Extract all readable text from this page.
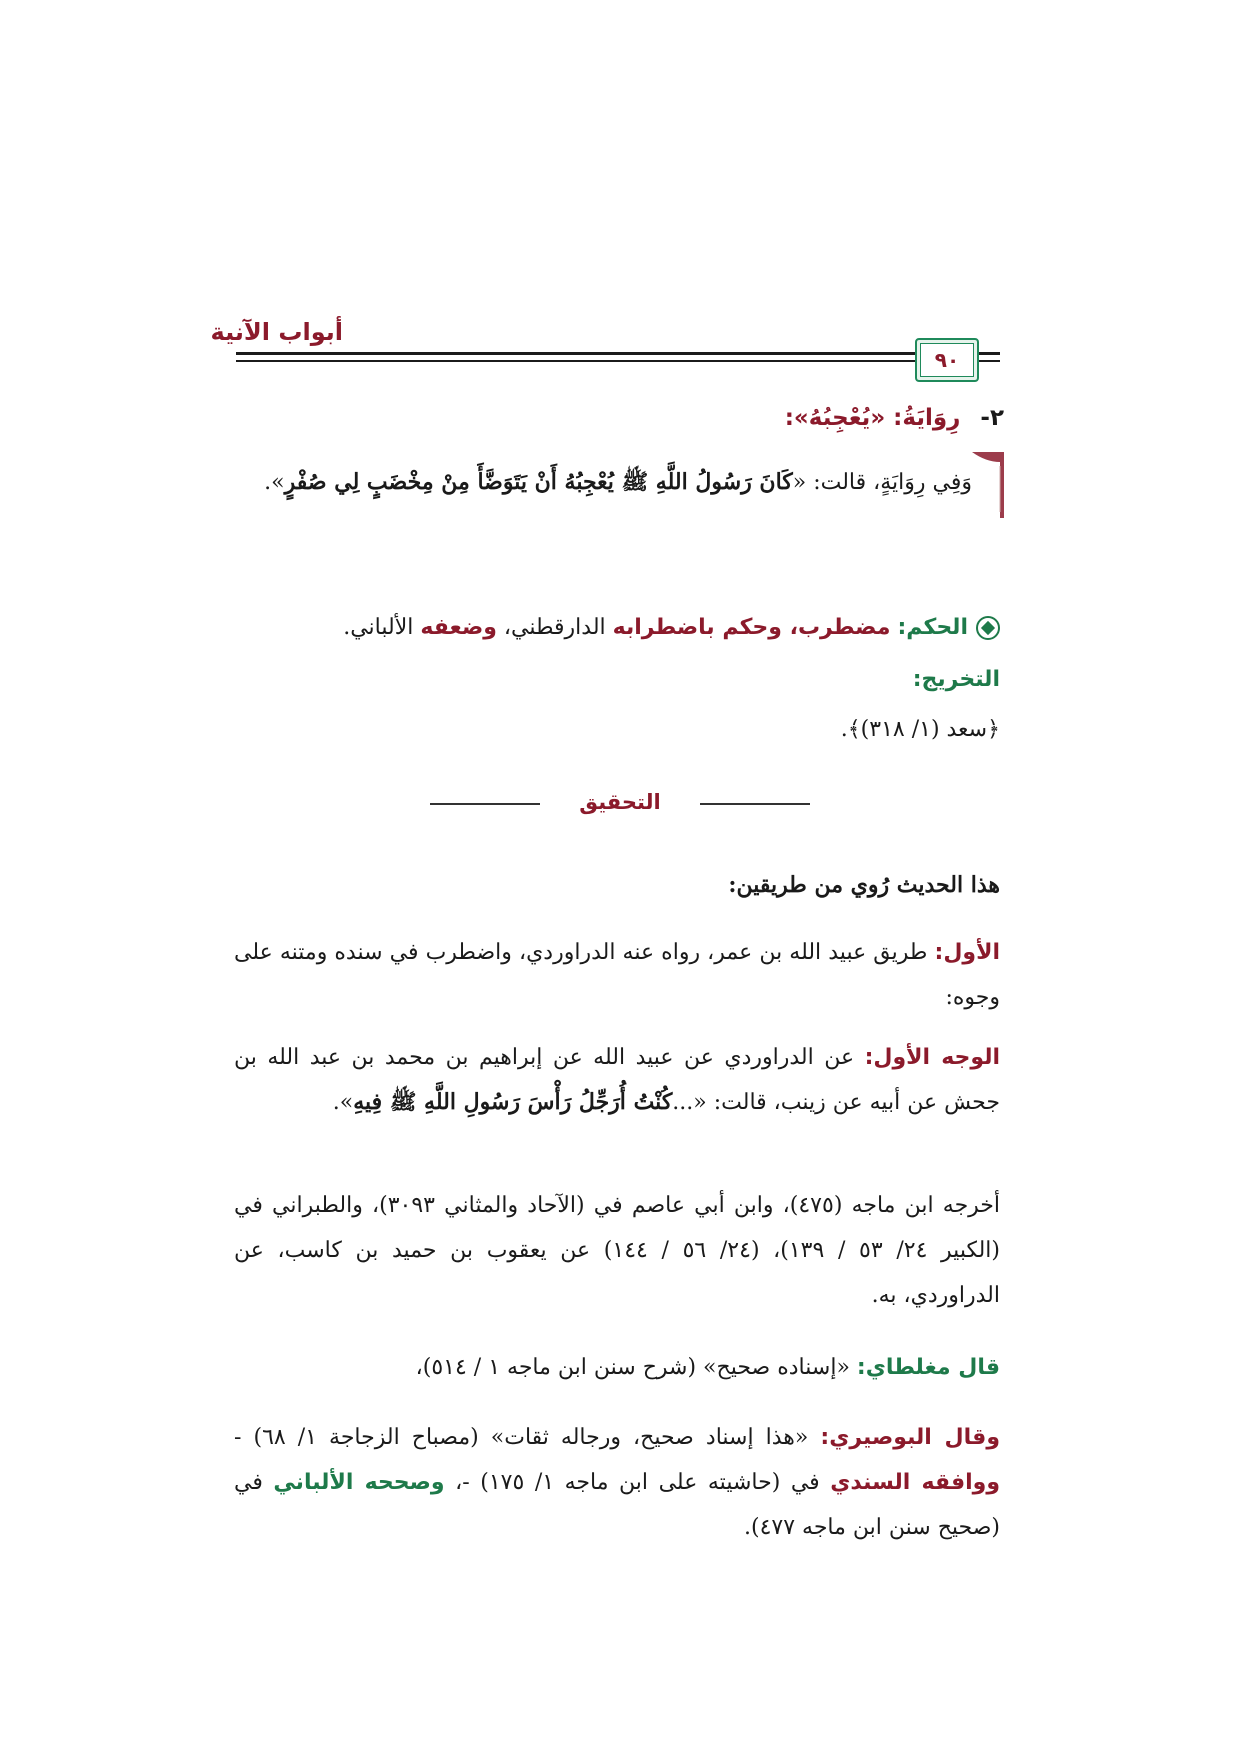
أبواب الآنية
٩٠
٢- رِوَايَةُ: «يُعْجِبُهُ»:
وَفِي رِوَايَةٍ، قالت: «كَانَ رَسُولُ اللَّهِ ﷺ يُعْجِبُهُ أَنْ يَتَوَضَّأَ مِنْ مِخْضَبٍ لِي صُفْرٍ».
الحكم: مضطرب، وحكم باضطرابه الدارقطني، وضعفه الألباني.
التخريج:
﴿سعد (١/ ٣١٨)﴾.
التحقيق
هذا الحديث رُوي من طريقين:
الأول: طريق عبيد الله بن عمر، رواه عنه الدراوردي، واضطرب في سنده ومتنه على وجوه:
الوجه الأول: عن الدراوردي عن عبيد الله عن إبراهيم بن محمد بن عبد الله بن جحش عن أبيه عن زينب، قالت: «...كُنْتُ أُرَجِّلُ رَأْسَ رَسُولِ اللَّهِ ﷺ فِيهِ».
أخرجه ابن ماجه (٤٧٥)، وابن أبي عاصم في (الآحاد والمثاني ٣٠٩٣)، والطبراني في (الكبير ٢٤/ ٥٣ / ١٣٩)، (٢٤/ ٥٦ / ١٤٤) عن يعقوب بن حميد بن كاسب، عن الدراوردي، به.
قال مغلطاي: «إسناده صحيح» (شرح سنن ابن ماجه ١ / ٥١٤)،
وقال البوصيري: «هذا إسناد صحيح، ورجاله ثقات» (مصباح الزجاجة ١/ ٦٨) - ووافقه السندي في (حاشيته على ابن ماجه ١/ ١٧٥) -، وصححه الألباني في (صحيح سنن ابن ماجه ٤٧٧).
